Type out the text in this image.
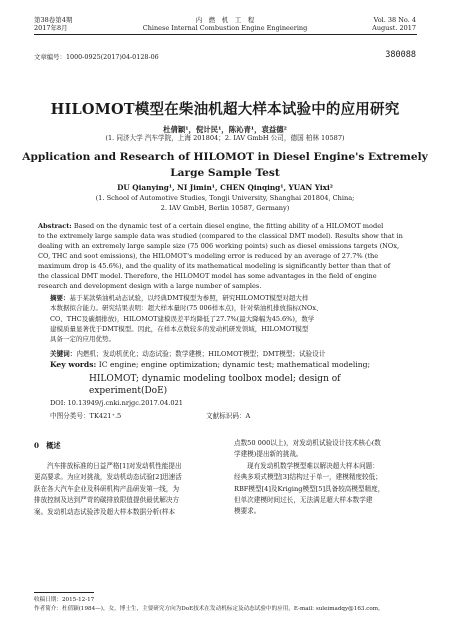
第38卷第4期
2017年8月
内　燃　机　工　程
Chinese Internal Combustion Engine Engineering
Vol. 38 No. 4
August. 2017
文章编号：1000-0925(2017)04-0128-06	380088
HILOMOT模型在柴油机超大样本试验中的应用研究
杜倩颖¹，倪计民¹，陈沁青¹，袁益德²
(1. 同济大学 汽车学院，上海 201804；2. IAV GmbH 公司，德国 柏林 10587)
Application and Research of HILOMOT in Diesel Engine's Extremely
Large Sample Test
DU Qianying¹, NI Jimin¹, CHEN Qinqing¹, YUAN Yixi²
(1. School of Automotive Studies, Tongji University, Shanghai 201804, China;
2. IAV GmbH, Berlin 10587, Germany)
Abstract: Based on the dynamic test of a certain diesel engine, the fitting ability of a HILOMOT model
to the extremely large sample data was studied (compared to the classical DMT model). Results show that in
dealing with an extremely large sample size (75 006 working points) such as diesel emissions targets (NOx,
CO, THC and soot emissions), the HILOMOT's modeling error is reduced by an average of 27.7% (the
maximum drop is 45.6%), and the quality of its mathematical modeling is significantly better than that of
the classical DMT model. Therefore, the HILOMOT model has some advantages in the field of engine
research and development design with a large number of samples.
摘要：基于某款柴油机动态试验，以经典DMT模型为参照，研究HILOMOT模型对超大样
本数据拟合能力。研究结果表明：超大样本量时(75 006样本点)，针对柴油机排放指标(NOx、
CO、THC及碳烟排放)，HILOMOT建模误差平均降低了27.7%(最大降幅为45.6%)，数学
建模质量显著优于DMT模型。因此，在样本点数较多的发动机研发领域，HILOMOT模型
具备一定的应用优势。
关键词：内燃机；发动机优化；动态试验；数学建模；HILOMOT模型；DMT模型；试验设计
Key words: IC engine; engine optimization; dynamic test; mathematical modeling;
HILOMOT; dynamic modeling toolbox model; design of
experiment(DoE)
DOI: 10.13949/j.cnki.nrjgc.2017.04.021
中图分类号：TK421⁺.5	文献标识码：A
0　概述
汽车排放标准的日益严格[1]对发动机性能提出
更高要求。为应对挑战，发动机动态试验[2]迅速活
跃在各大汽车企业及科研机构产品研发第一线，为
排放控制及达到严苛的碳排放限值提供最优解决方
案。发动机动态试验涉及超大样本数据分析(样本
点数50 000以上)，对发动机试验设计技术核心(数
学建模)提出新的挑战。
现有发动机数学模型难以解决超大样本问题：
经典多项式模型[3]结构过于单一，建模精度较低；
RBF模型[4]及Kriging模型[5]具备较高模型精度，
但单次建模时间过长，无法满足超大样本数学建
模要求。
收稿日期：2015-12-17
作者简介：杜倩颖(1984—)，女，博士生，主要研究方向为DoE技术在发动机标定及动态试验中的应用，E-mail: suleimadqy@163.com。
